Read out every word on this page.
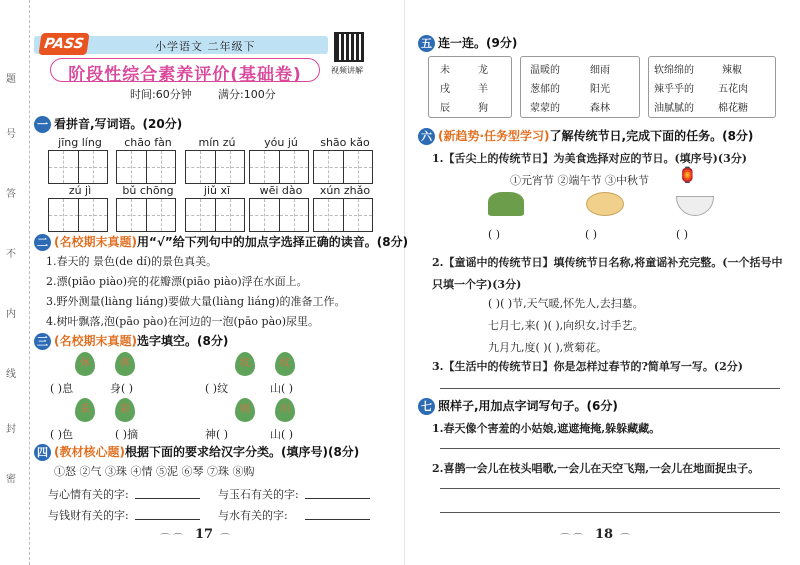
题
号
答
不
内
线
封
密
PASS	小学语文 二年级下
视频讲解
阶段性综合素养评价(基础卷)
时间:60分钟 满分:100分
一 看拼音,写词语。(20分)
jīng líng	chāo fàn	mín zú	yóu jú	shāo kǎo
zú jì	bǔ chōng	jiǔ xī	wēi dào	xún zhǎo
二 (名校期末真题)用“√”给下列句中的加点字选择正确的读音。(8分)
1.春天的 景色(de dí)的景色真美。
2.漂(piāo piào)亮的花瓣漂(piāo piào)浮在水面上。
3.野外测量(liàng liáng)要做大量(liàng liáng)的准备工作。
4.树叶飘落,泡(pāo pào)在河边的一泡(pāo pào)尿里。
三 (名校期末真题)选字填空。(8分)
休	体	纹	纹
( )息	身( )	( )纹	山( )
采	彩	则	川
( )色	( )摘	神( )	山( )
四 (教材核心题)根据下面的要求给汉字分类。(填序号)(8分)
①怒 ②气 ③珠 ④情 ⑤泥 ⑥琴 ⑦珠 ⑧购
与心情有关的字:	与玉石有关的字:
与钱财有关的字:	与水有关的字:
⌒ ⌒ 17 ⌒
五 连一连。(9分)
未	龙
戌	羊
辰	狗
温暖的	细雨
葱郁的	阳光
蒙蒙的	森林
软绵绵的	辣椒
辣乎乎的 五花肉
油腻腻的 棉花糖
六 (新趋势·任务型学习)了解传统节日,完成下面的任务。(8分)
1.【舌尖上的传统节日】为美食选择对应的节日。(填序号)(3分)
①元宵节 ②端午节 ③中秋节 🏮
( )	( )	( )
2.【童谣中的传统节日】填传统节日名称,将童谣补充完整。(一个括号中只填一个字)(3分)
( )( )节,天气暖,怀先人,去扫墓。
七月七,来( )( ),向织女,讨手艺。
九月九,度( )( ),赏菊花。
3.【生活中的传统节日】你是怎样过春节的?简单写一写。(2分)
七 照样子,用加点字词写句子。(6分)
1.春天像个害羞的小姑娘,遮遮掩掩,躲躲藏藏。
2.喜鹊一会儿在枝头唱歌,一会儿在天空飞翔,一会儿在地面捉虫子。
⌒ ⌒ 18 ⌒
